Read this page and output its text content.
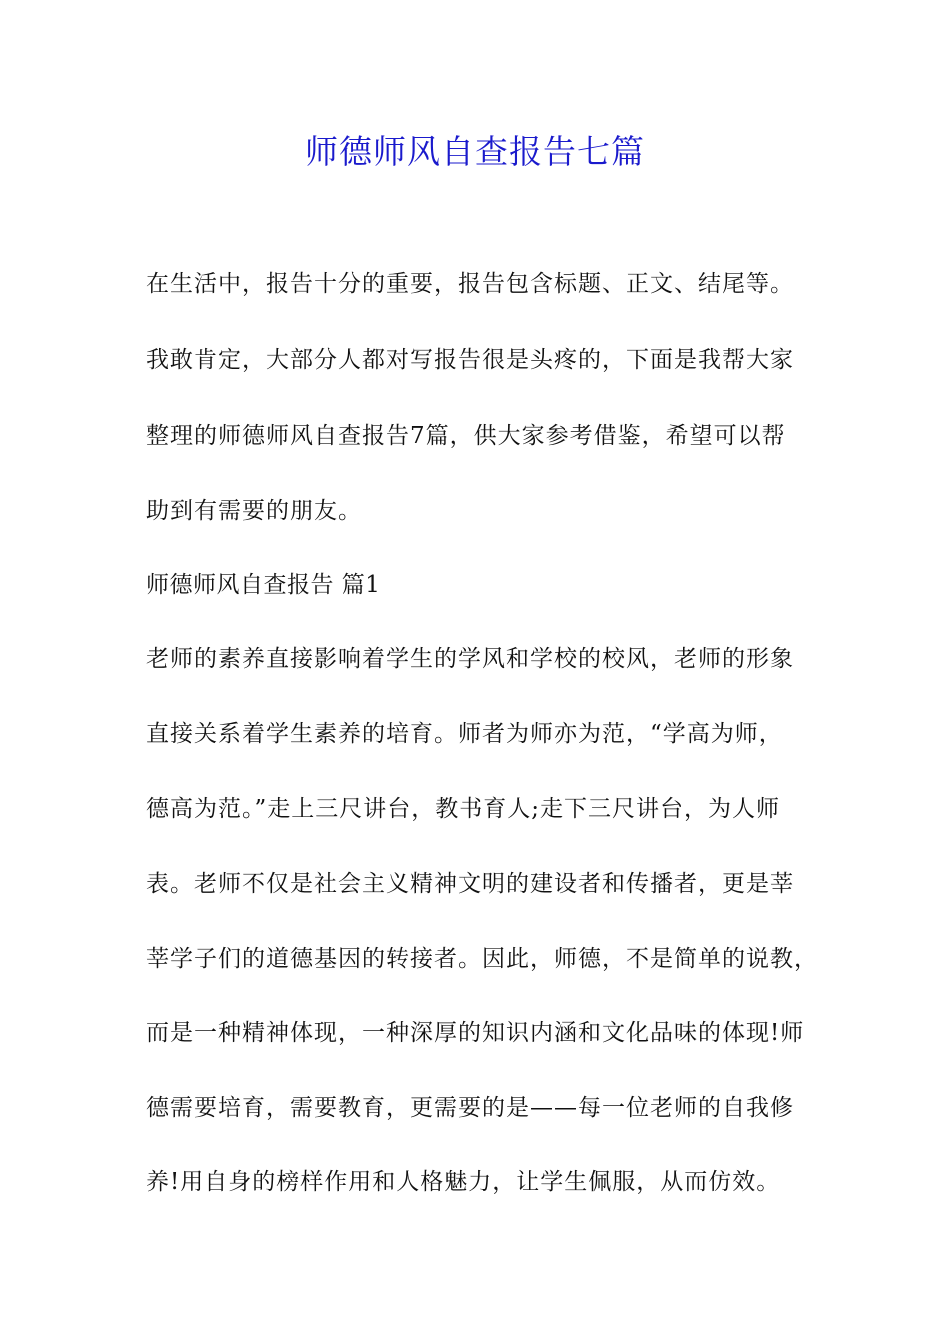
师德师风自查报告七篇
在生活中，报告十分的重要，报告包含标题、正文、结尾等。
我敢肯定，大部分人都对写报告很是头疼的，下面是我帮大家
整理的师德师风自查报告7篇，供大家参考借鉴，希望可以帮
助到有需要的朋友。
师德师风自查报告 篇1
老师的素养直接影响着学生的学风和学校的校风，老师的形象
直接关系着学生素养的培育。师者为师亦为范，“学高为师，
德高为范。”走上三尺讲台，教书育人;走下三尺讲台，为人师
表。老师不仅是社会主义精神文明的建设者和传播者，更是莘
莘学子们的道德基因的转接者。因此，师德，不是简单的说教，
而是一种精神体现，一种深厚的知识内涵和文化品味的体现!师
德需要培育，需要教育，更需要的是——每一位老师的自我修
养!用自身的榜样作用和人格魅力，让学生佩服，从而仿效。
